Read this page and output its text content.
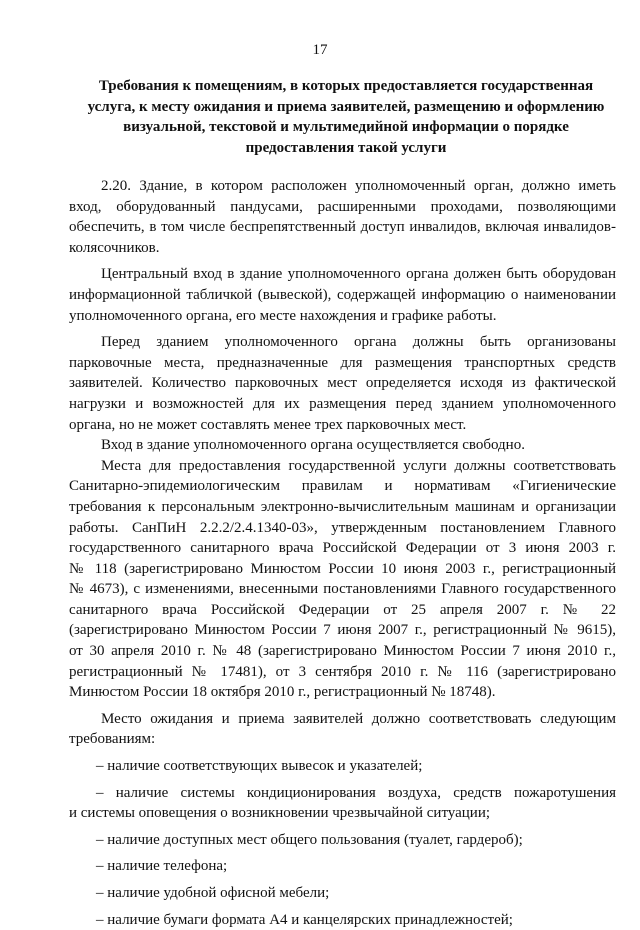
17
Требования к помещениям, в которых предоставляется государственная
услуга, к месту ожидания и приема заявителей, размещению и оформлению
визуальной, текстовой и мультимедийной информации о порядке
предоставления такой услуги
2.20. Здание, в котором расположен уполномоченный орган, должно иметь
вход, оборудованный пандусами, расширенными проходами, позволяющими
обеспечить, в том числе беспрепятственный доступ инвалидов, включая инвалидов-
колясочников.
Центральный вход в здание уполномоченного органа должен быть оборудован
информационной табличкой (вывеской), содержащей информацию о наименовании
уполномоченного органа, его месте нахождения и графике работы.
Перед зданием уполномоченного органа должны быть организованы
парковочные места, предназначенные для размещения транспортных средств
заявителей. Количество парковочных мест определяется исходя из фактической
нагрузки и возможностей для их размещения перед зданием уполномоченного
органа, но не может составлять менее трех парковочных мест.
Вход в здание уполномоченного органа осуществляется свободно.
Места для предоставления государственной услуги должны соответствовать
Санитарно-эпидемиологическим правилам и нормативам «Гигиенические
требования к персональным электронно-вычислительным машинам и организации
работы. СанПиН 2.2.2/2.4.1340-03», утвержденным постановлением Главного
государственного санитарного врача Российской Федерации от 3 июня 2003 г.
№ 118 (зарегистрировано Минюстом России 10 июня 2003 г., регистрационный
№ 4673), с изменениями, внесенными постановлениями Главного государственного
санитарного врача Российской Федерации от 25 апреля 2007 г. № 22
(зарегистрировано Минюстом России 7 июня 2007 г., регистрационный № 9615),
от 30 апреля 2010 г. № 48 (зарегистрировано Минюстом России 7 июня 2010 г.,
регистрационный № 17481), от 3 сентября 2010 г. № 116 (зарегистрировано
Минюстом России 18 октября 2010 г., регистрационный № 18748).
Место ожидания и приема заявителей должно соответствовать следующим
требованиям:
– наличие соответствующих вывесок и указателей;
– наличие системы кондиционирования воздуха, средств пожаротушения
и системы оповещения о возникновении чрезвычайной ситуации;
– наличие доступных мест общего пользования (туалет, гардероб);
– наличие телефона;
– наличие удобной офисной мебели;
– наличие бумаги формата А4 и канцелярских принадлежностей;
